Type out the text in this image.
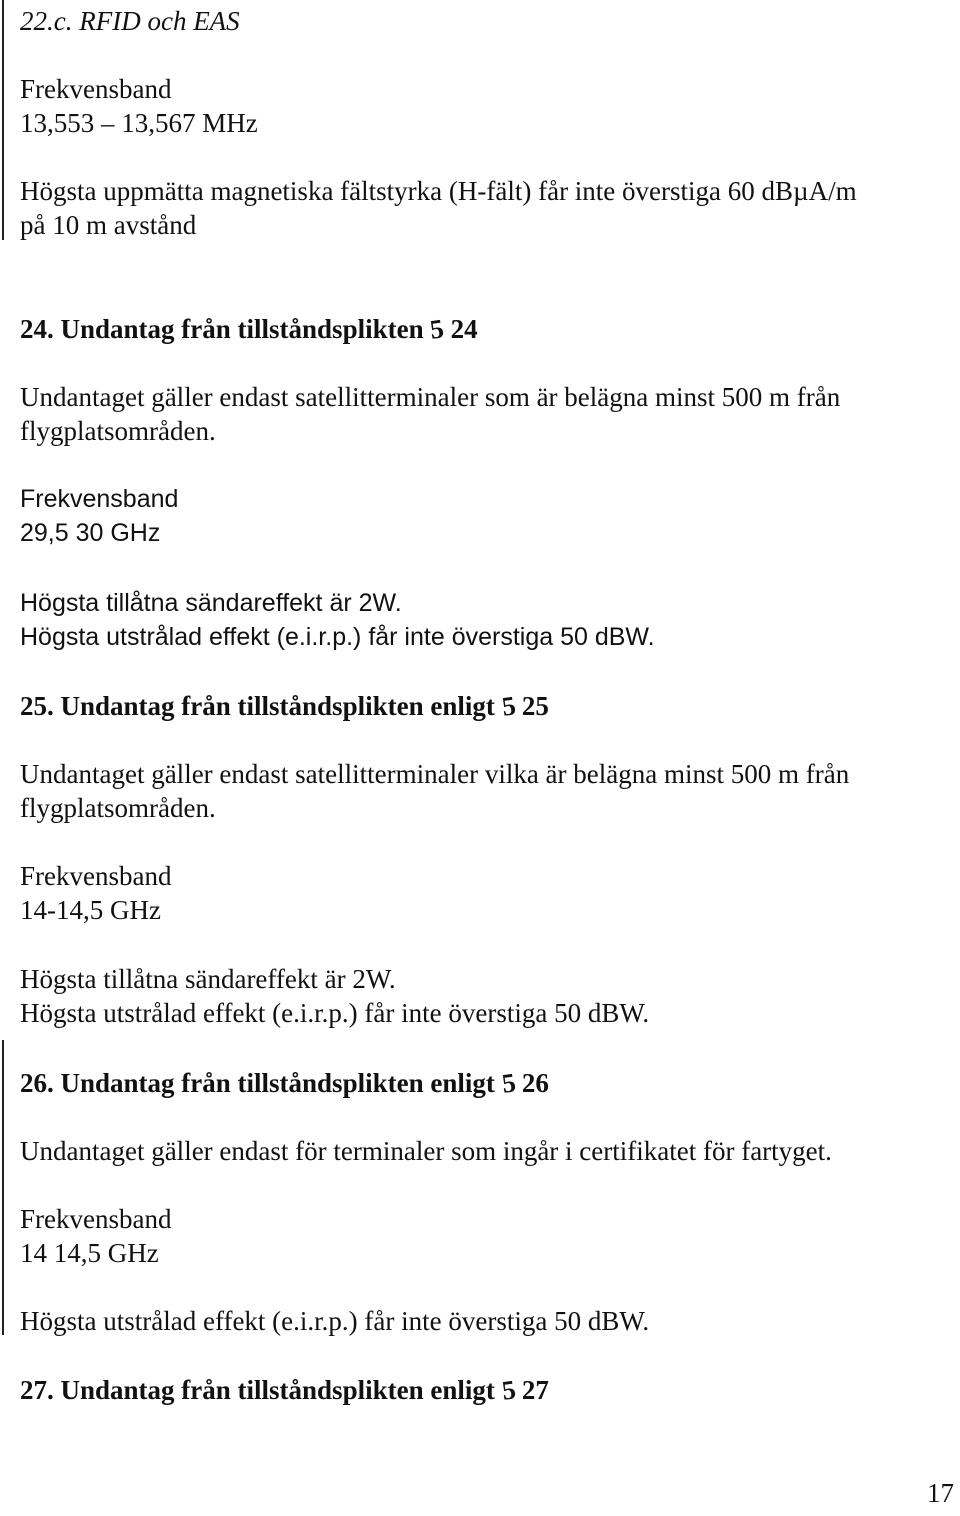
22.c. RFID och EAS
Frekvensband
13,553 – 13,567 MHz
Högsta uppmätta magnetiska fältstyrka (H-fält) får inte överstiga 60 dBµA/m
på 10 m avstånd
24. Undantag från tillståndsplikten 5 24
Undantaget gäller endast satellitterminaler som är belägna minst 500 m från
flygplatsområden.
Frekvensband
29,5 30 GHz
Högsta tillåtna sändareffekt är 2W.
Högsta utstrålad effekt (e.i.r.p.) får inte överstiga 50 dBW.
25. Undantag från tillståndsplikten enligt 5 25
Undantaget gäller endast satellitterminaler vilka är belägna minst 500 m från
flygplatsområden.
Frekvensband
14-14,5 GHz
Högsta tillåtna sändareffekt är 2W.
Högsta utstrålad effekt (e.i.r.p.) får inte överstiga 50 dBW.
26. Undantag från tillståndsplikten enligt 5 26
Undantaget gäller endast för terminaler som ingår i certifikatet för fartyget.
Frekvensband
14 14,5 GHz
Högsta utstrålad effekt (e.i.r.p.) får inte överstiga 50 dBW.
27. Undantag från tillståndsplikten enligt 5 27
17
